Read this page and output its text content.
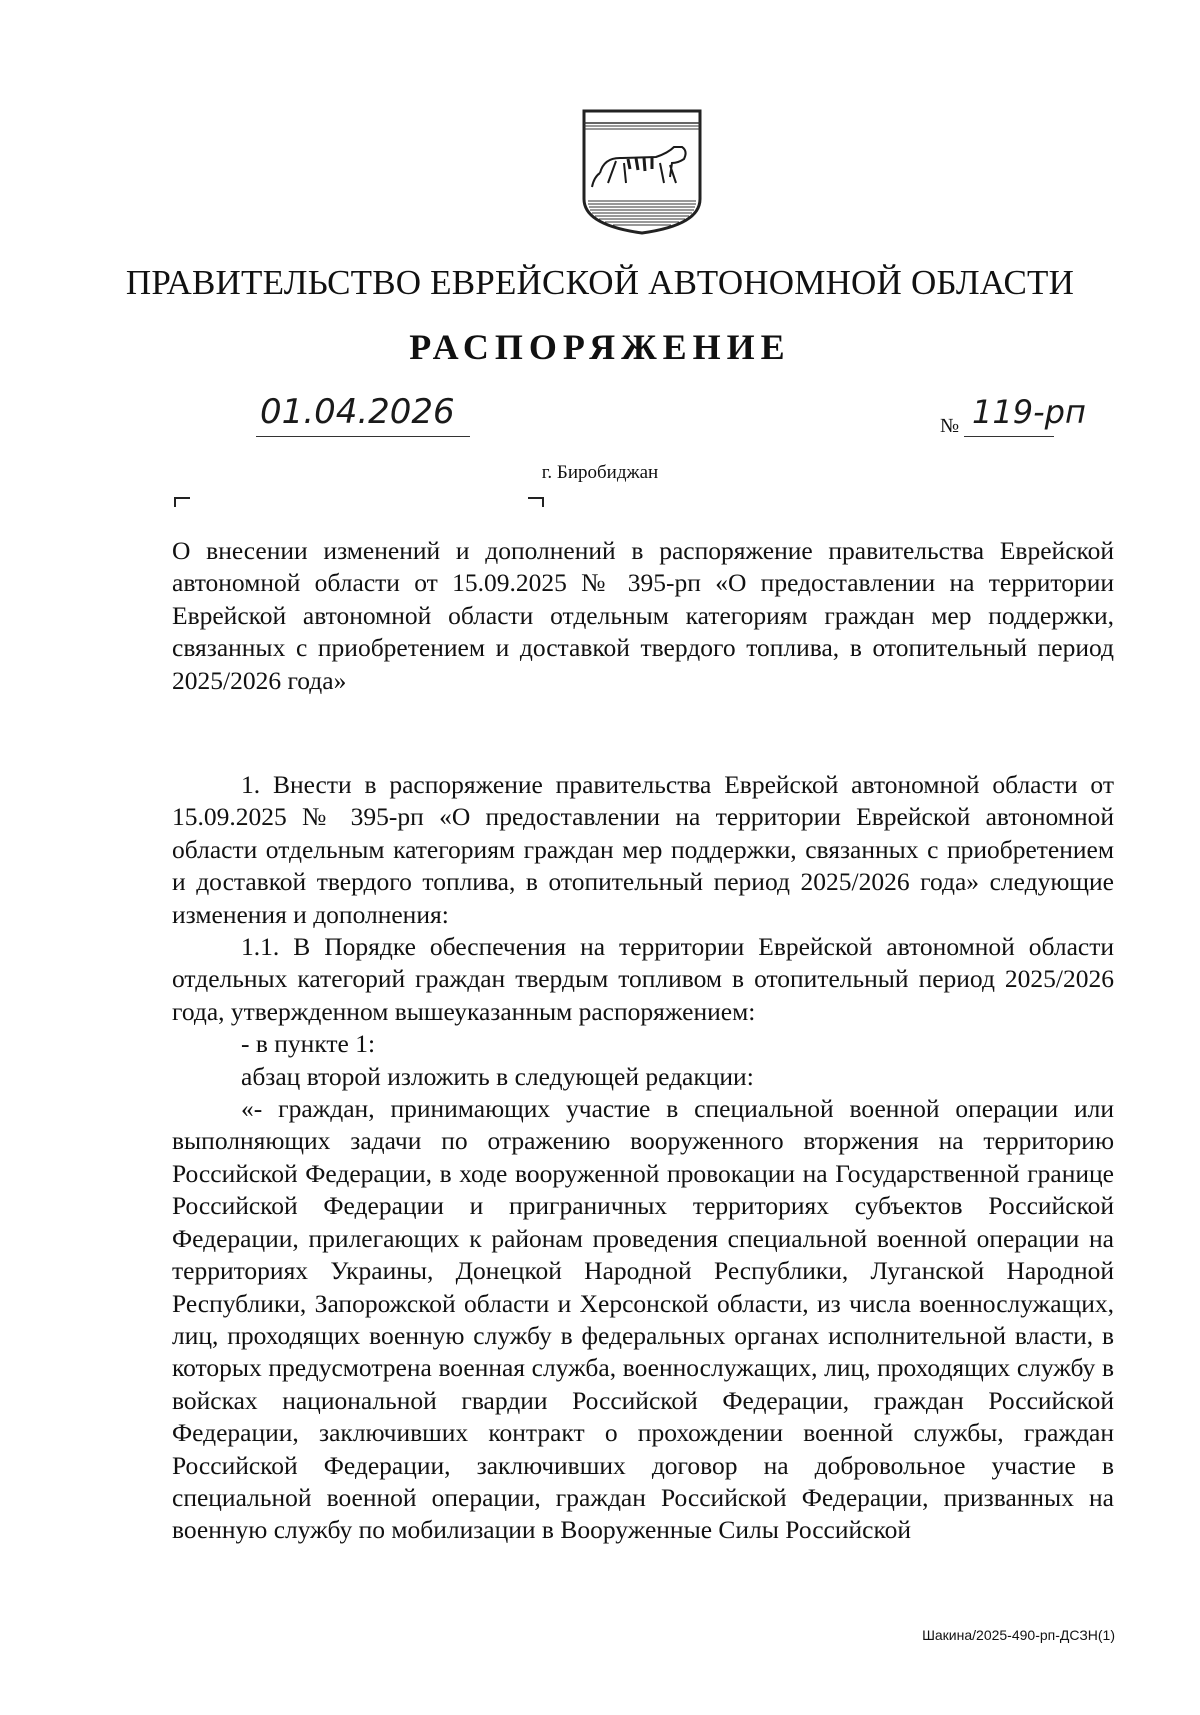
ПРАВИТЕЛЬСТВО ЕВРЕЙСКОЙ АВТОНОМНОЙ ОБЛАСТИ
РАСПОРЯЖЕНИЕ
01.04.2026	№ 119-рп
г. Биробиджан

О внесении изменений и дополнений в распоряжение правительства Еврейской автономной области от 15.09.2025 № 395-рп «О предоставлении на территории Еврейской автономной области отдельным категориям граждан мер поддержки, связанных с приобретением и доставкой твердого топлива, в отопительный период 2025/2026 года»

1. Внести в распоряжение правительства Еврейской автономной области от 15.09.2025 № 395-рп «О предоставлении на территории Еврейской автономной области отдельным категориям граждан мер поддержки, связанных с приобретением и доставкой твердого топлива, в отопительный период 2025/2026 года» следующие изменения и дополнения:

1.1. В Порядке обеспечения на территории Еврейской автономной области отдельных категорий граждан твердым топливом в отопительный период 2025/2026 года, утвержденном вышеуказанным распоряжением:

- в пункте 1:

абзац второй изложить в следующей редакции:

«- граждан, принимающих участие в специальной военной операции или выполняющих задачи по отражению вооруженного вторжения на территорию Российской Федерации, в ходе вооруженной провокации на Государственной границе Российской Федерации и приграничных территориях субъектов Российской Федерации, прилегающих к районам проведения специальной военной операции на территориях Украины, Донецкой Народной Республики, Луганской Народной Республики, Запорожской области и Херсонской области, из числа военнослужащих, лиц, проходящих военную службу в федеральных органах исполнительной власти, в которых предусмотрена военная служба, военнослужащих, лиц, проходящих службу в войсках национальной гвардии Российской Федерации, граждан Российской Федерации, заключивших контракт о прохождении военной службы, граждан Российской Федерации, заключивших договор на добровольное участие в специальной военной операции, граждан Российской Федерации, призванных на военную службу по мобилизации в Вооруженные Силы Российской

Шакина/2025-490-рп-ДСЗН(1)
